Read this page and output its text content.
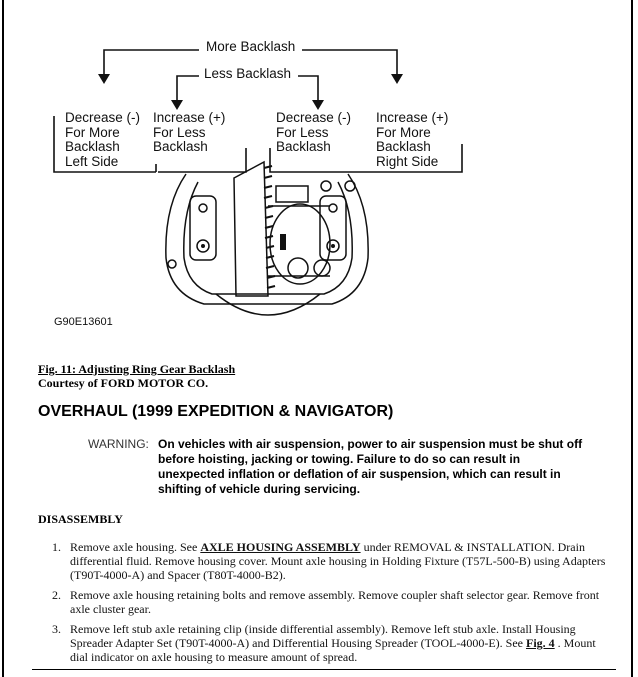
More Backlash
Less Backlash
Decrease (-)
For More
Backlash
Left Side
Increase (+)
For Less
Backlash
Decrease (-)
For Less
Backlash
Increase (+)
For More
Backlash
Right Side
G90E13601
Fig. 11: Adjusting Ring Gear Backlash
Courtesy of FORD MOTOR CO.
OVERHAUL (1999 EXPEDITION & NAVIGATOR)
WARNING: On vehicles with air suspension, power to air suspension must be shut off before hoisting, jacking or towing. Failure to do so can result in unexpected inflation or deflation of air suspension, which can result in shifting of vehicle during servicing.
DISASSEMBLY
1. Remove axle housing. See AXLE HOUSING ASSEMBLY under REMOVAL & INSTALLATION. Drain differential fluid. Remove housing cover. Mount axle housing in Holding Fixture (T57L-500-B) using Adapters (T90T-4000-A) and Spacer (T80T-4000-B2).
2. Remove axle housing retaining bolts and remove assembly. Remove coupler shaft selector gear. Remove front axle cluster gear.
3. Remove left stub axle retaining clip (inside differential assembly). Remove left stub axle. Install Housing Spreader Adapter Set (T90T-4000-A) and Differential Housing Spreader (TOOL-4000-E). See Fig. 4 . Mount dial indicator on axle housing to measure amount of spread.
